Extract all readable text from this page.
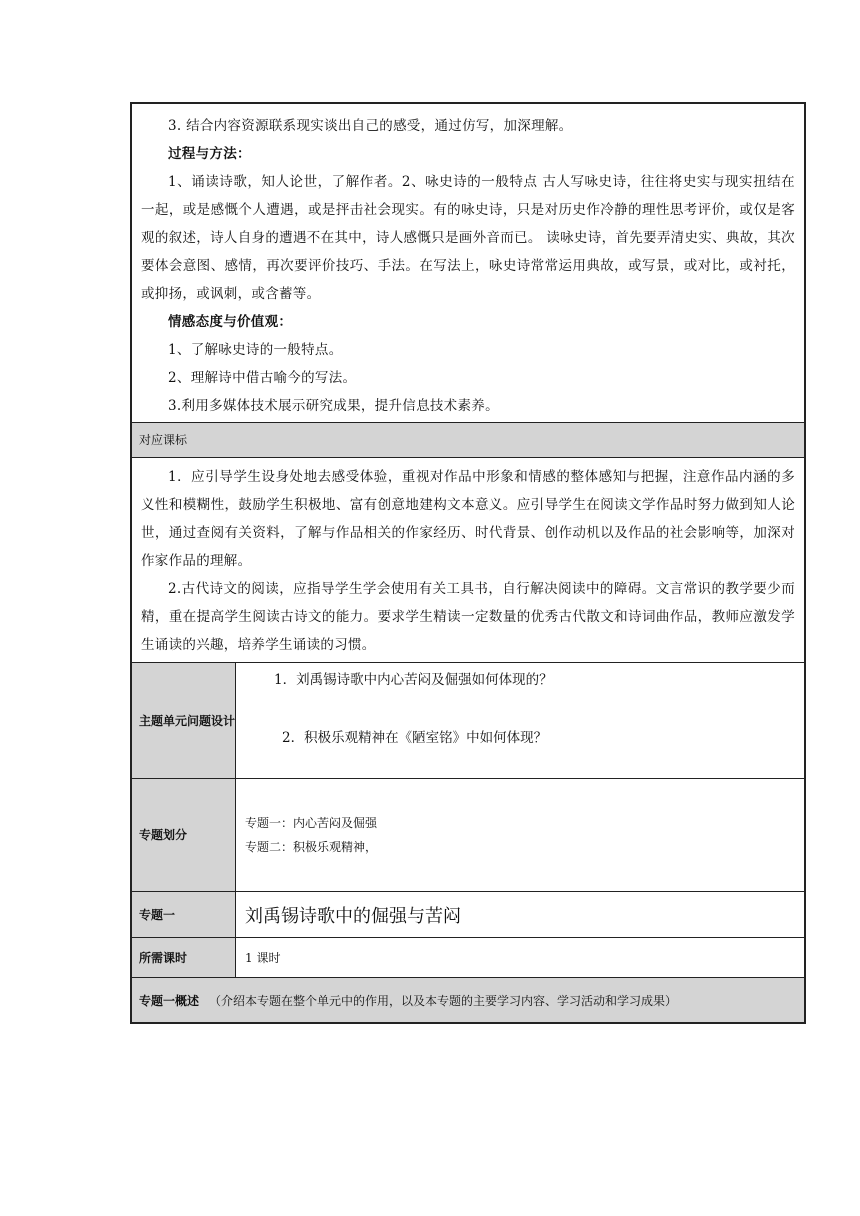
3. 结合内容资源联系现实谈出自己的感受，通过仿写，加深理解。

过程与方法：

1、诵读诗歌，知人论世，了解作者。2、咏史诗的一般特点 古人写咏史诗，往往将史实与现实扭结在一起，或是感慨个人遭遇，或是抨击社会现实。有的咏史诗，只是对历史作冷静的理性思考评价，或仅是客观的叙述，诗人自身的遭遇不在其中，诗人感慨只是画外音而已。 读咏史诗，首先要弄清史实、典故，其次要体会意图、感情，再次要评价技巧、手法。在写法上，咏史诗常常运用典故，或写景，或对比，或衬托，或抑扬，或讽刺，或含蓄等。

情感态度与价值观：

1、了解咏史诗的一般特点。

2、理解诗中借古喻今的写法。

3.利用多媒体技术展示研究成果，提升信息技术素养。

对应课标

1．应引导学生设身处地去感受体验，重视对作品中形象和情感的整体感知与把握，注意作品内涵的多义性和模糊性，鼓励学生积极地、富有创意地建构文本意义。应引导学生在阅读文学作品时努力做到知人论世，通过查阅有关资料，了解与作品相关的作家经历、时代背景、创作动机以及作品的社会影响等，加深对作家作品的理解。

2.古代诗文的阅读，应指导学生学会使用有关工具书，自行解决阅读中的障碍。文言常识的教学要少而精，重在提高学生阅读古诗文的能力。要求学生精读一定数量的优秀古代散文和诗词曲作品，教师应激发学生诵读的兴趣，培养学生诵读的习惯。

主题单元问题设计
1．刘禹锡诗歌中内心苦闷及倔强如何体现的？
2．积极乐观精神在《陋室铭》中如何体现？
专题划分
专题一：内心苦闷及倔强
专题二：积极乐观精神，
专题一	刘禹锡诗歌中的倔强与苦闷
所需课时	1 课时
专题一概述 （介绍本专题在整个单元中的作用，以及本专题的主要学习内容、学习活动和学习成果）
